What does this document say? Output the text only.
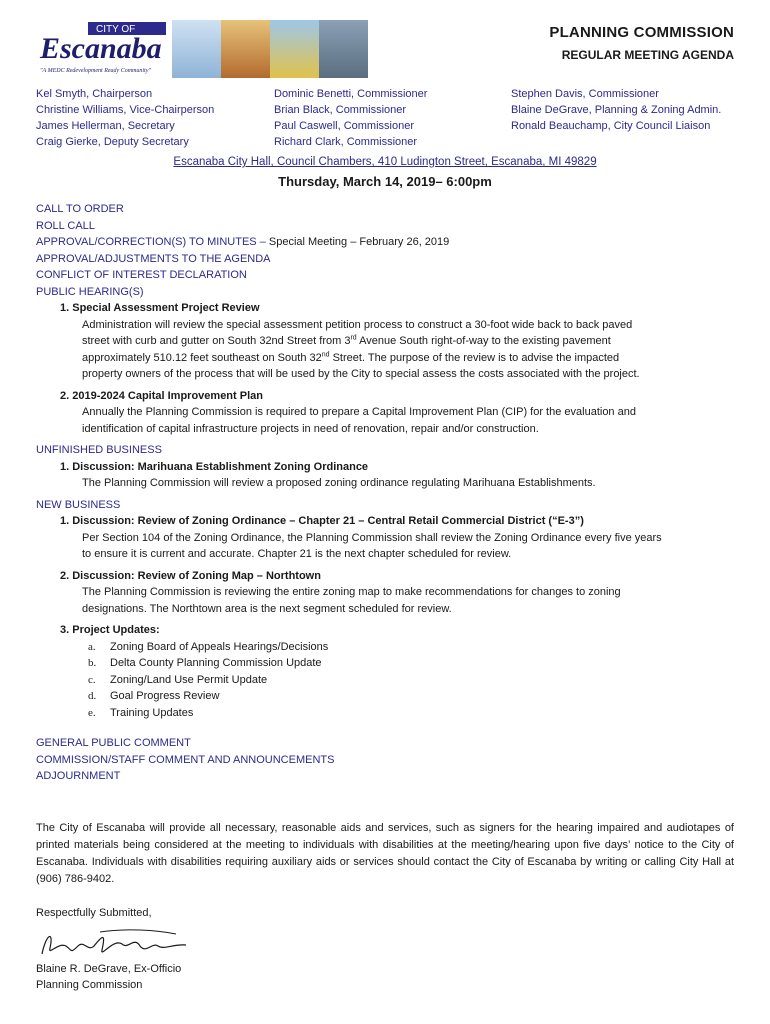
CITY OF
Escanaba
"A MEDC Redevelopment Ready Community"
PLANNING COMMISSION
REGULAR MEETING AGENDA
Kel Smyth, Chairperson
Christine Williams, Vice-Chairperson
James Hellerman, Secretary
Craig Gierke, Deputy Secretary
Dominic Benetti, Commissioner
Brian Black, Commissioner
Paul Caswell, Commissioner
Richard Clark, Commissioner
Stephen Davis, Commissioner
Blaine DeGrave, Planning & Zoning Admin.
Ronald Beauchamp, City Council Liaison
Escanaba City Hall, Council Chambers, 410 Ludington Street, Escanaba, MI 49829
Thursday, March 14, 2019– 6:00pm
CALL TO ORDER
ROLL CALL
APPROVAL/CORRECTION(S) TO MINUTES – Special Meeting – February 26, 2019
APPROVAL/ADJUSTMENTS TO THE AGENDA
CONFLICT OF INTEREST DECLARATION
PUBLIC HEARING(S)
1. Special Assessment Project Review
Administration will review the special assessment petition process to construct a 30-foot wide back to back paved
street with curb and gutter on South 32nd Street from 3rd Avenue South right-of-way to the existing pavement
approximately 510.12 feet southeast on South 32nd Street. The purpose of the review is to advise the impacted
property owners of the process that will be used by the City to special assess the costs associated with the project.
2. 2019-2024 Capital Improvement Plan
Annually the Planning Commission is required to prepare a Capital Improvement Plan (CIP) for the evaluation and
identification of capital infrastructure projects in need of renovation, repair and/or construction.
UNFINISHED BUSINESS
1. Discussion: Marihuana Establishment Zoning Ordinance
The Planning Commission will review a proposed zoning ordinance regulating Marihuana Establishments.
NEW BUSINESS
1. Discussion: Review of Zoning Ordinance – Chapter 21 – Central Retail Commercial District (“E-3”)
Per Section 104 of the Zoning Ordinance, the Planning Commission shall review the Zoning Ordinance every five years
to ensure it is current and accurate. Chapter 21 is the next chapter scheduled for review.
2. Discussion: Review of Zoning Map – Northtown
The Planning Commission is reviewing the entire zoning map to make recommendations for changes to zoning
designations. The Northtown area is the next segment scheduled for review.
3. Project Updates:
a. Zoning Board of Appeals Hearings/Decisions
b. Delta County Planning Commission Update
c. Zoning/Land Use Permit Update
d. Goal Progress Review
e. Training Updates
GENERAL PUBLIC COMMENT
COMMISSION/STAFF COMMENT AND ANNOUNCEMENTS
ADJOURNMENT
The City of Escanaba will provide all necessary, reasonable aids and services, such as signers for the hearing impaired and audiotapes of printed materials being considered at the meeting to individuals with disabilities at the meeting/hearing upon five days’ notice to the City of Escanaba. Individuals with disabilities requiring auxiliary aids or services should contact the City of Escanaba by writing or calling City Hall at (906) 786-9402.
Respectfully Submitted,
Blaine R. DeGrave, Ex-Officio
Planning Commission
